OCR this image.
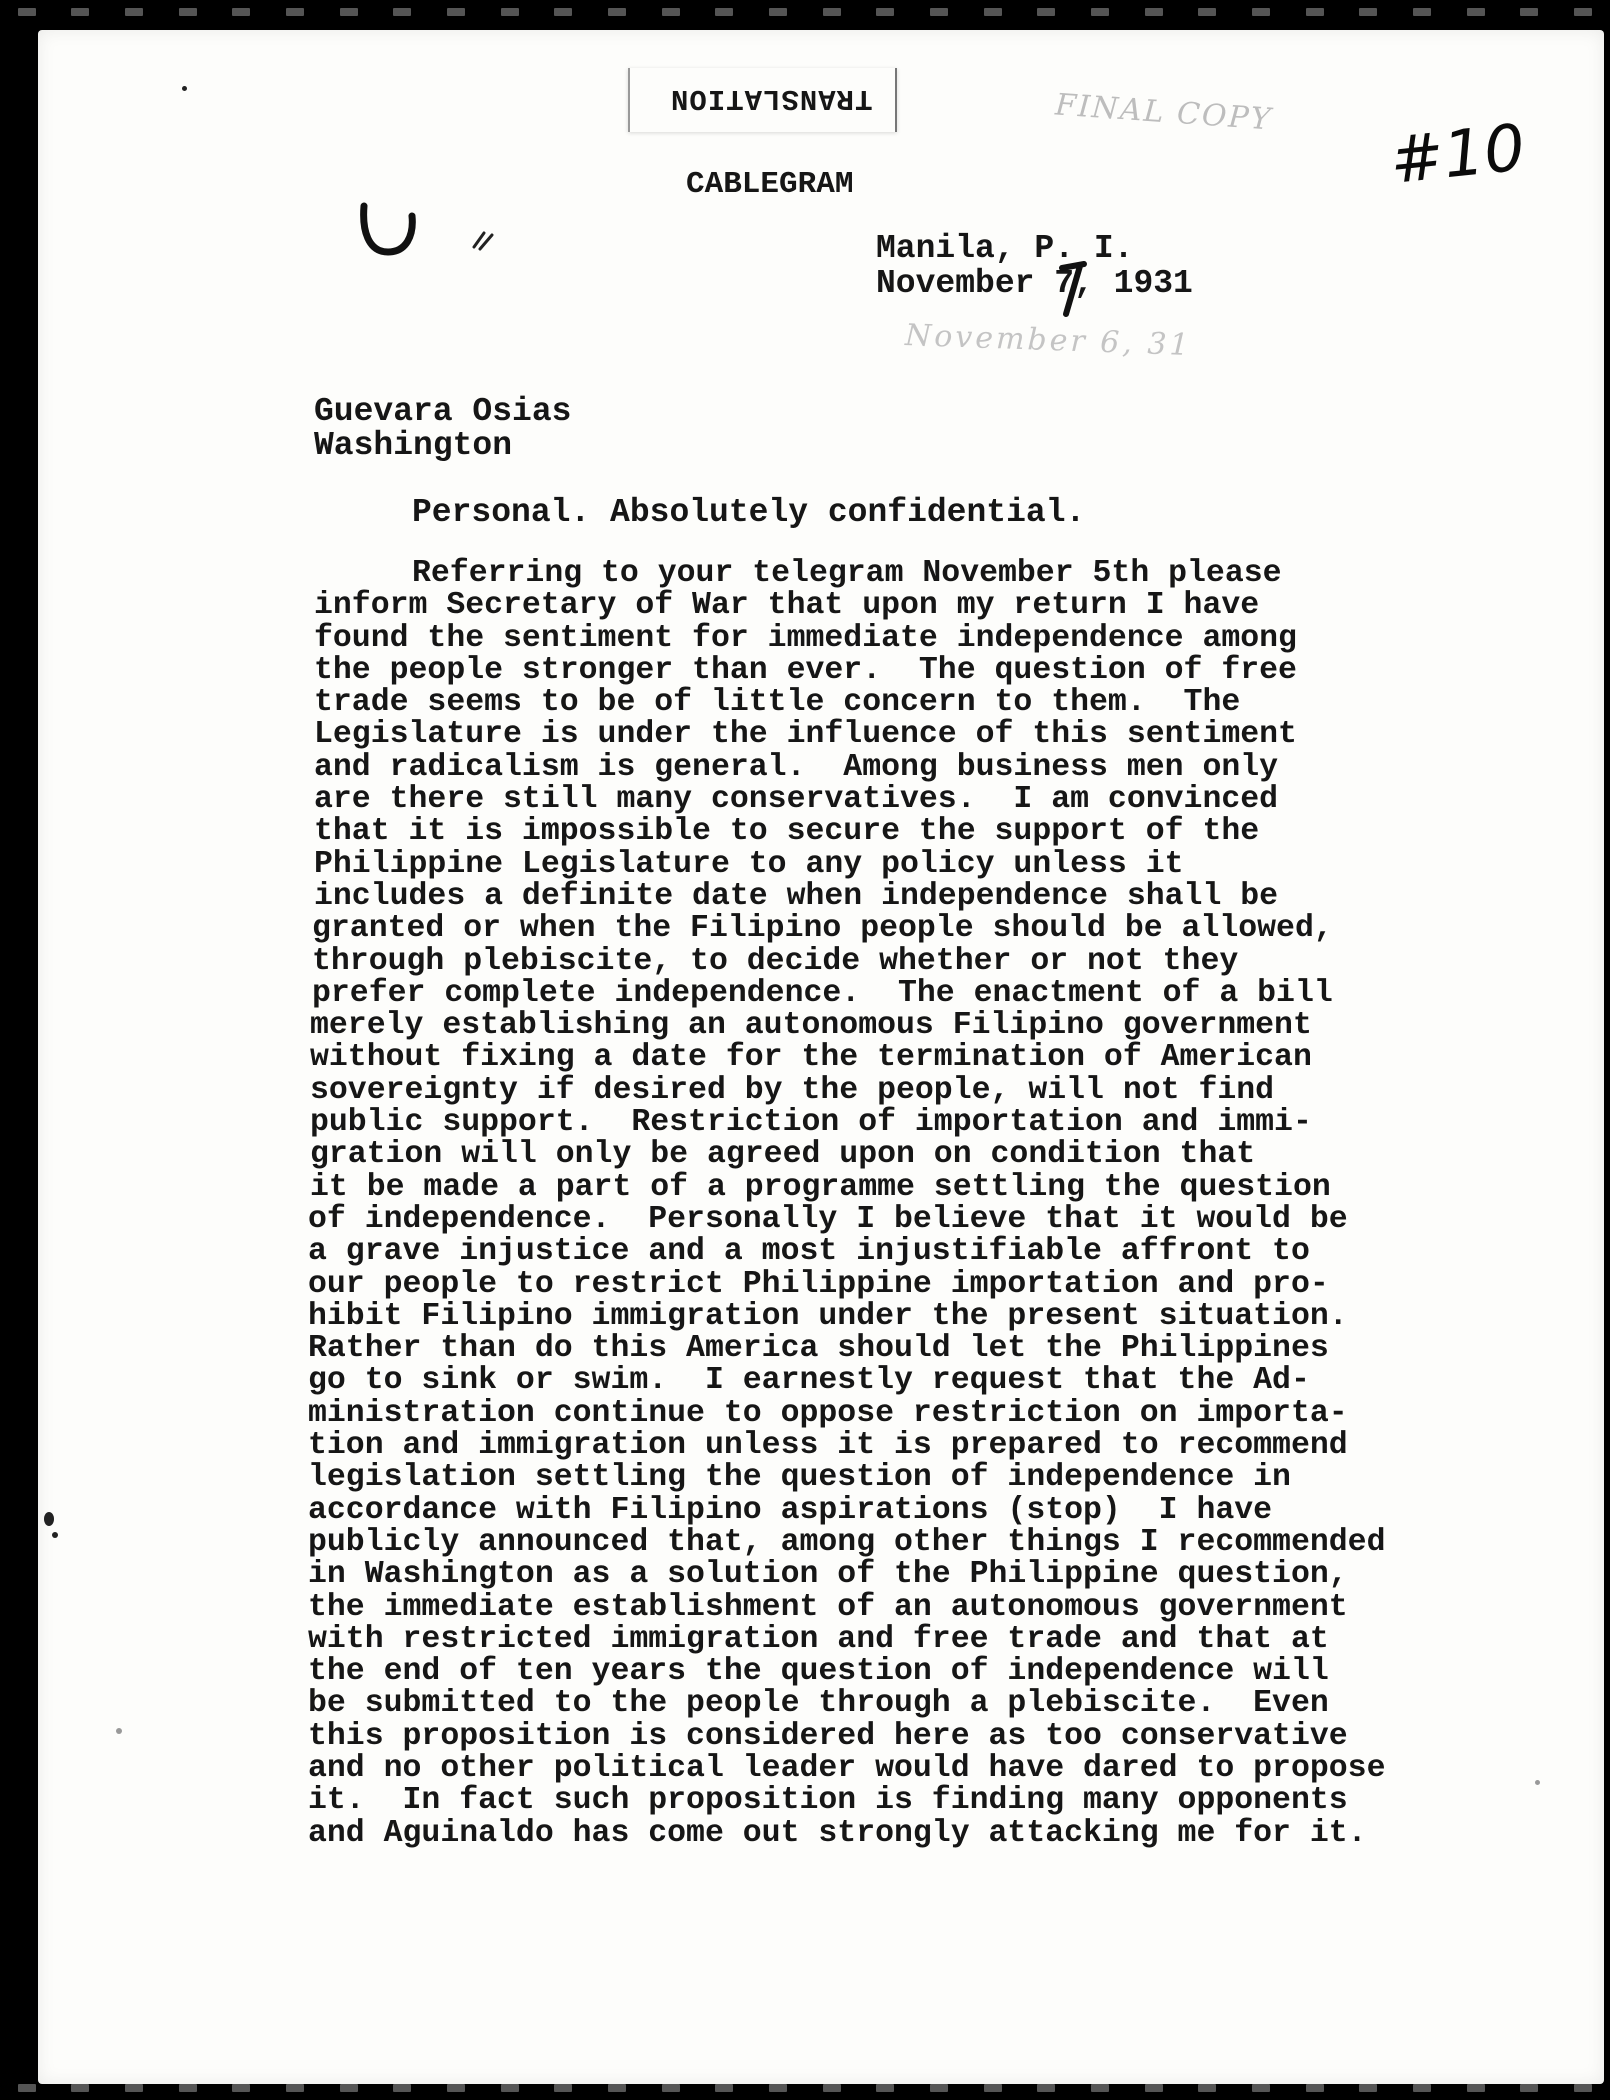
TRANSLATION	FINAL COPY #10
CABLEGRAM
Manila, P. I.
November 7, 1931
November 6, 31
Guevara Osias
Washington
Personal. Absolutely confidential.
Referring to your telegram November 5th please
inform Secretary of War that upon my return I have
found the sentiment for immediate independence among
the people stronger than ever.  The question of free
trade seems to be of little concern to them.  The
Legislature is under the influence of this sentiment
and radicalism is general.  Among business men only
are there still many conservatives.  I am convinced
that it is impossible to secure the support of the
Philippine Legislature to any policy unless it
includes a definite date when independence shall be
granted or when the Filipino people should be allowed,
through plebiscite, to decide whether or not they
prefer complete independence.  The enactment of a bill
merely establishing an autonomous Filipino government
without fixing a date for the termination of American
sovereignty if desired by the people, will not find
public support.  Restriction of importation and immi-
gration will only be agreed upon on condition that
it be made a part of a programme settling the question
of independence.  Personally I believe that it would be
a grave injustice and a most injustifiable affront to
our people to restrict Philippine importation and pro-
hibit Filipino immigration under the present situation.
Rather than do this America should let the Philippines
go to sink or swim.  I earnestly request that the Ad-
ministration continue to oppose restriction on importa-
tion and immigration unless it is prepared to recommend
legislation settling the question of independence in
accordance with Filipino aspirations (stop)  I have
publicly announced that, among other things I recommended
in Washington as a solution of the Philippine question,
the immediate establishment of an autonomous government
with restricted immigration and free trade and that at
the end of ten years the question of independence will
be submitted to the people through a plebiscite.  Even
this proposition is considered here as too conservative
and no other political leader would have dared to propose
it.  In fact such proposition is finding many opponents
and Aguinaldo has come out strongly attacking me for it.
